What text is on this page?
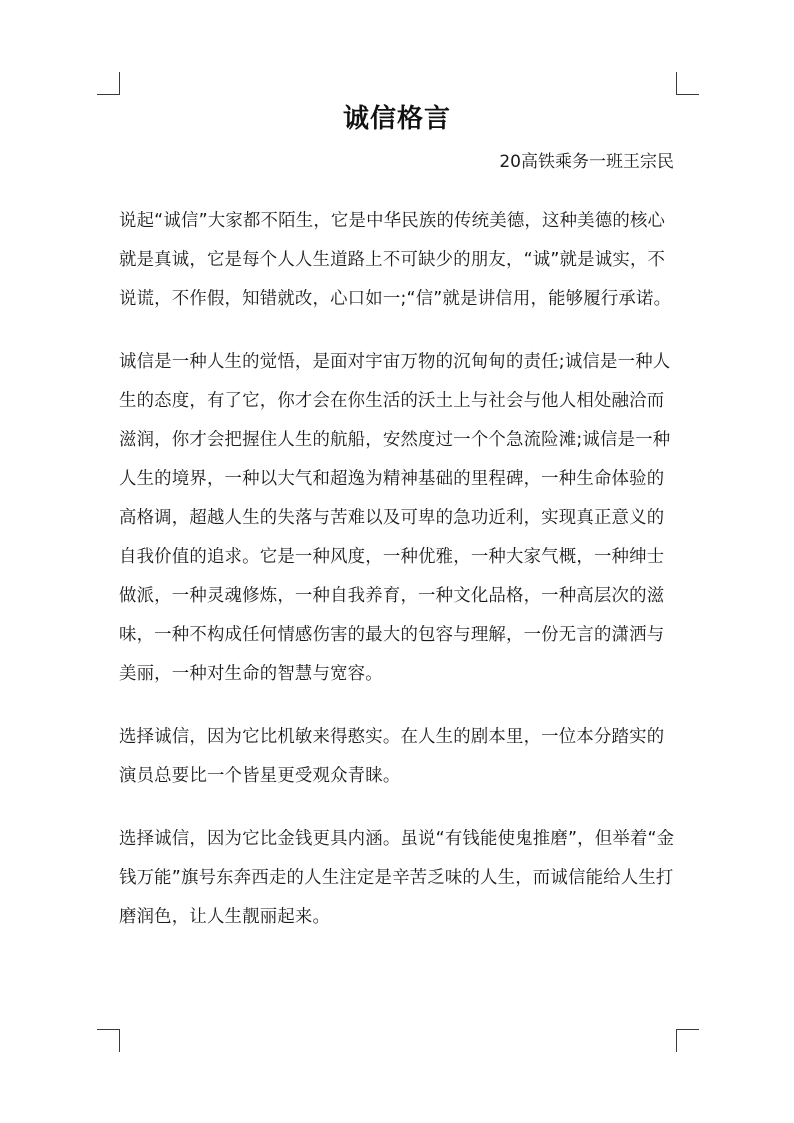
诚信格言
20高铁乘务一班王宗民

说起“诚信”大家都不陌生，它是中华民族的传统美德，这种美德的核心就是真诚，它是每个人人生道路上不可缺少的朋友，“诚”就是诚实，不说谎，不作假，知错就改，心口如一;“信”就是讲信用，能够履行承诺。

诚信是一种人生的觉悟，是面对宇宙万物的沉甸甸的责任;诚信是一种人生的态度，有了它，你才会在你生活的沃土上与社会与他人相处融洽而滋润，你才会把握住人生的航船，安然度过一个个急流险滩;诚信是一种人生的境界，一种以大气和超逸为精神基础的里程碑，一种生命体验的高格调，超越人生的失落与苦难以及可卑的急功近利，实现真正意义的自我价值的追求。它是一种风度，一种优雅，一种大家气概，一种绅士做派，一种灵魂修炼，一种自我养育，一种文化品格，一种高层次的滋味，一种不构成任何情感伤害的最大的包容与理解，一份无言的潇洒与美丽，一种对生命的智慧与宽容。

选择诚信，因为它比机敏来得憨实。在人生的剧本里，一位本分踏实的演员总要比一个皆星更受观众青睐。

选择诚信，因为它比金钱更具内涵。虽说“有钱能使鬼推磨”，但举着“金钱万能”旗号东奔西走的人生注定是辛苦乏味的人生，而诚信能给人生打磨润色，让人生靓丽起来。
